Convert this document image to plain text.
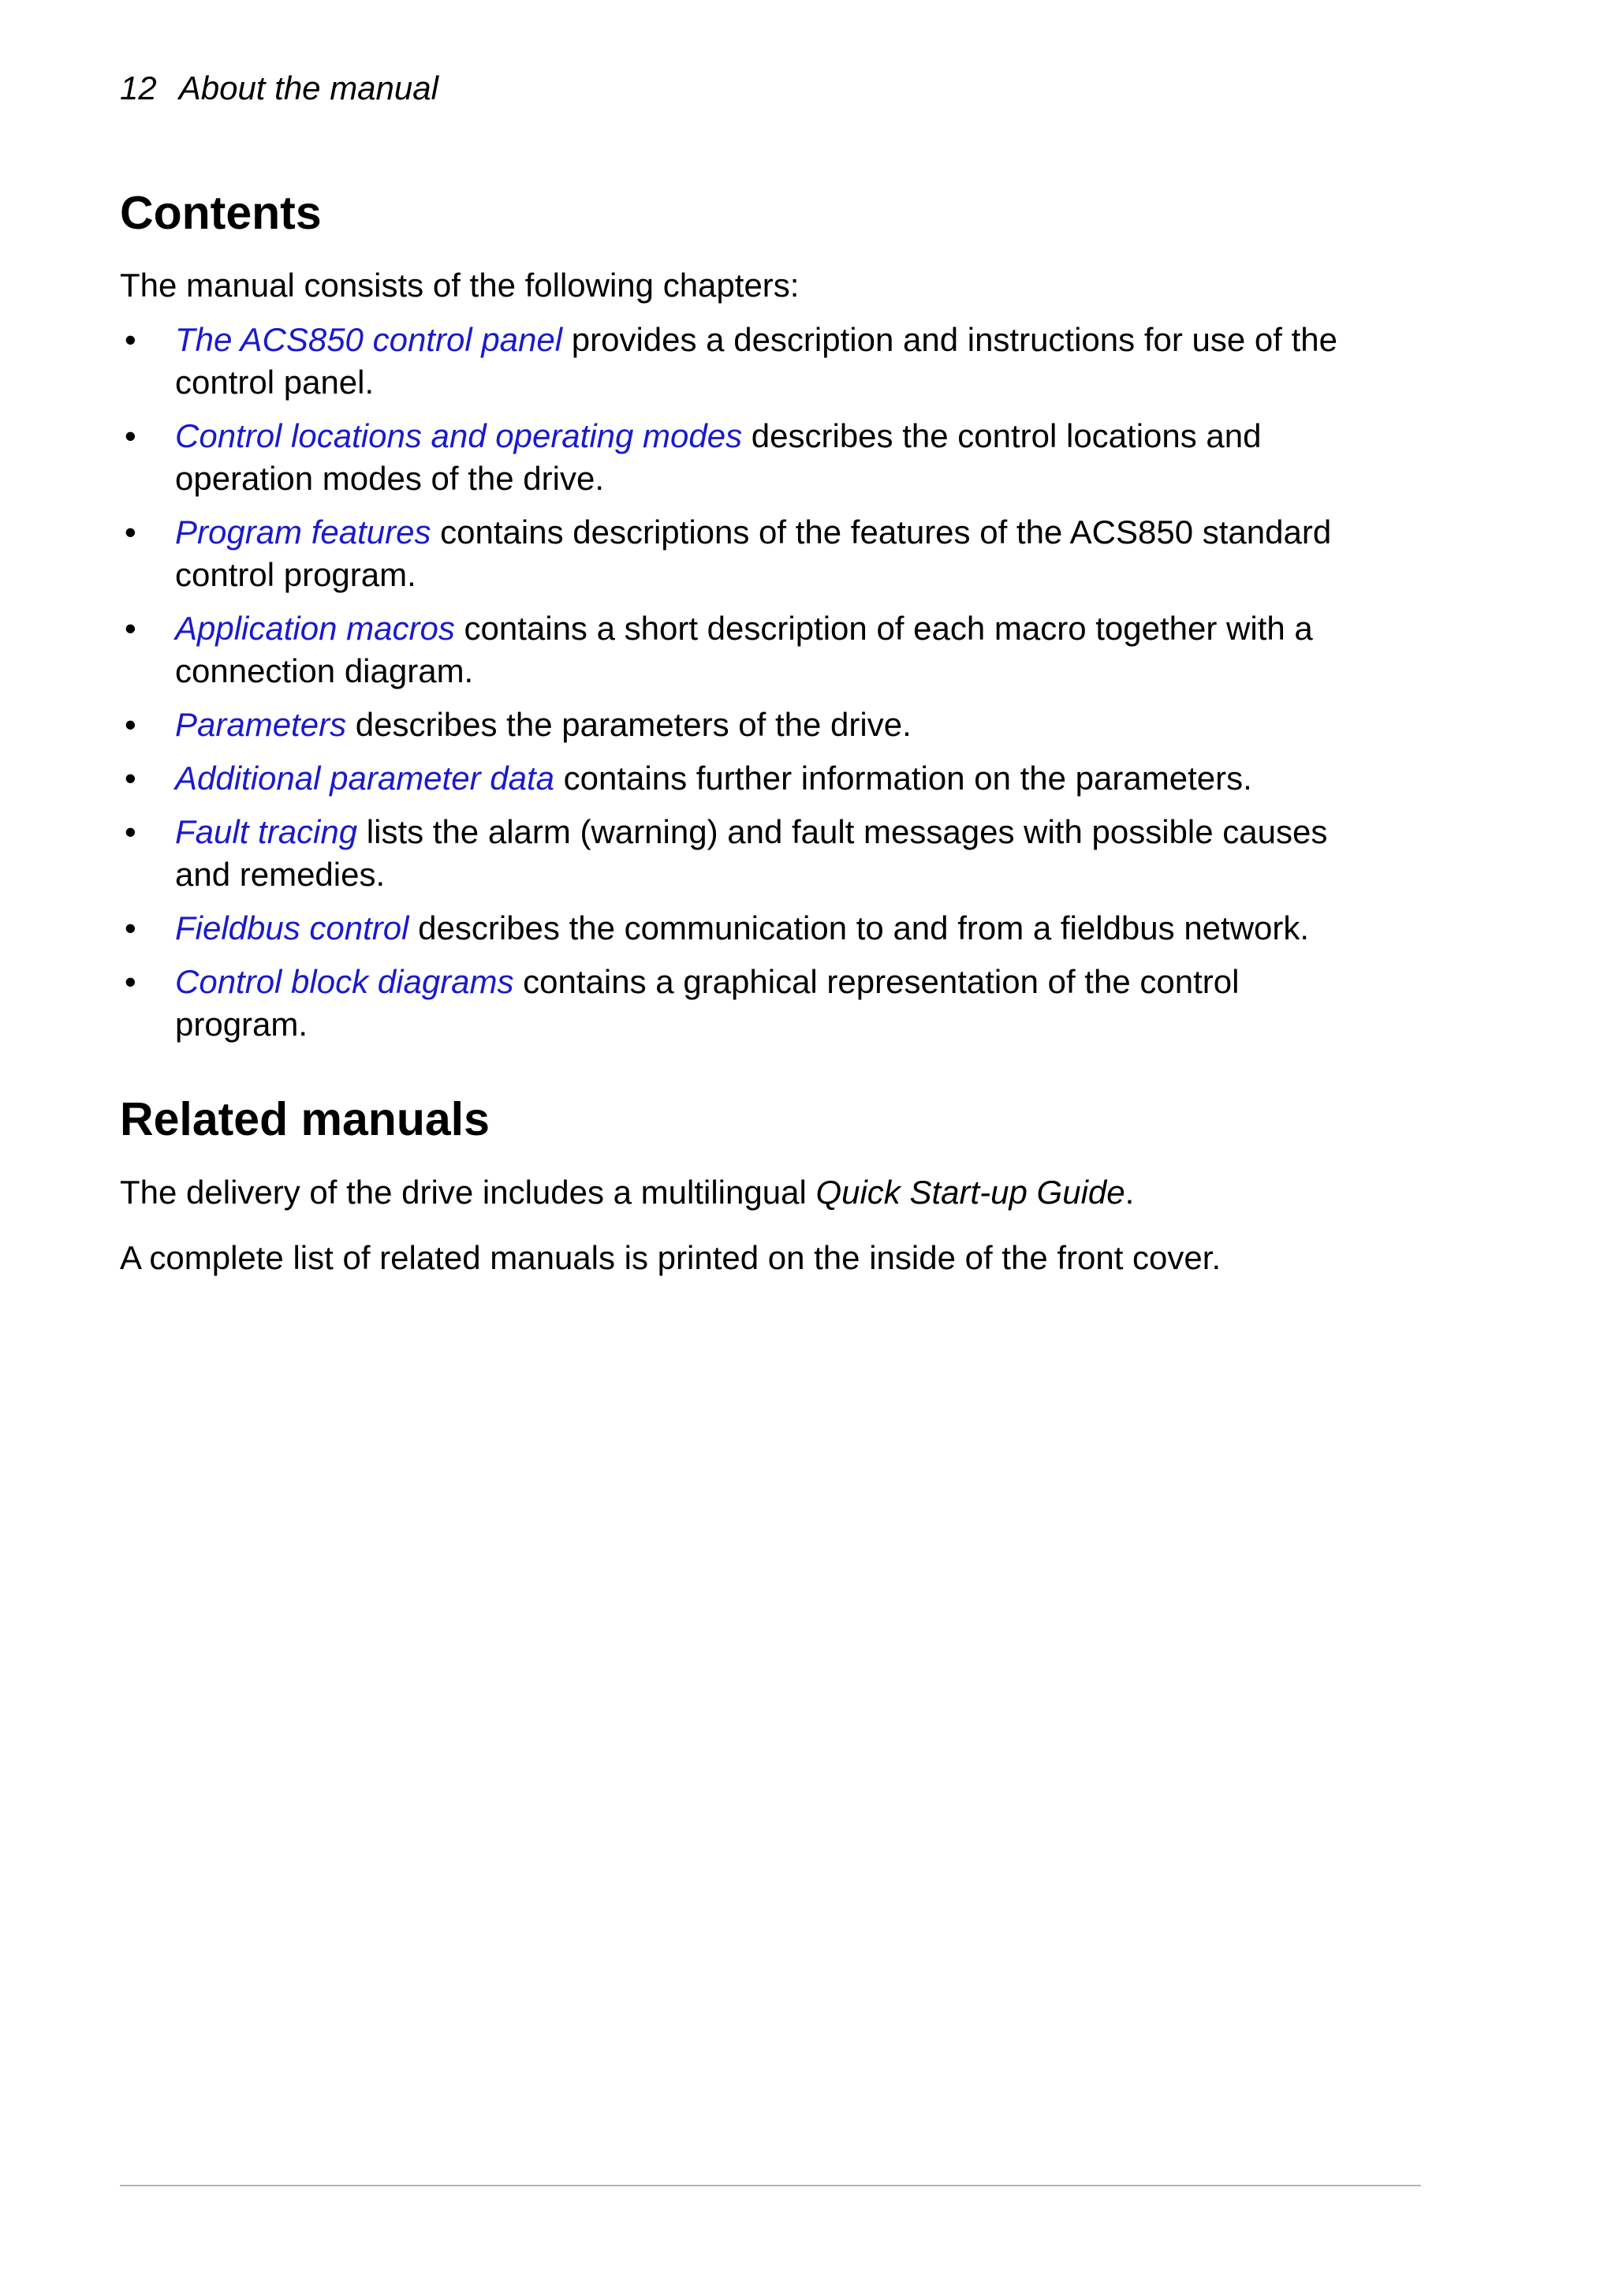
12 About the manual
Contents

The manual consists of the following chapters:

• The ACS850 control panel provides a description and instructions for use of the
control panel.
• Control locations and operating modes describes the control locations and
operation modes of the drive.
• Program features contains descriptions of the features of the ACS850 standard
control program.
• Application macros contains a short description of each macro together with a
connection diagram.
• Parameters describes the parameters of the drive.
• Additional parameter data contains further information on the parameters.
• Fault tracing lists the alarm (warning) and fault messages with possible causes
and remedies.
• Fieldbus control describes the communication to and from a fieldbus network.
• Control block diagrams contains a graphical representation of the control
program.
Related manuals

The delivery of the drive includes a multilingual Quick Start-up Guide.

A complete list of related manuals is printed on the inside of the front cover.
